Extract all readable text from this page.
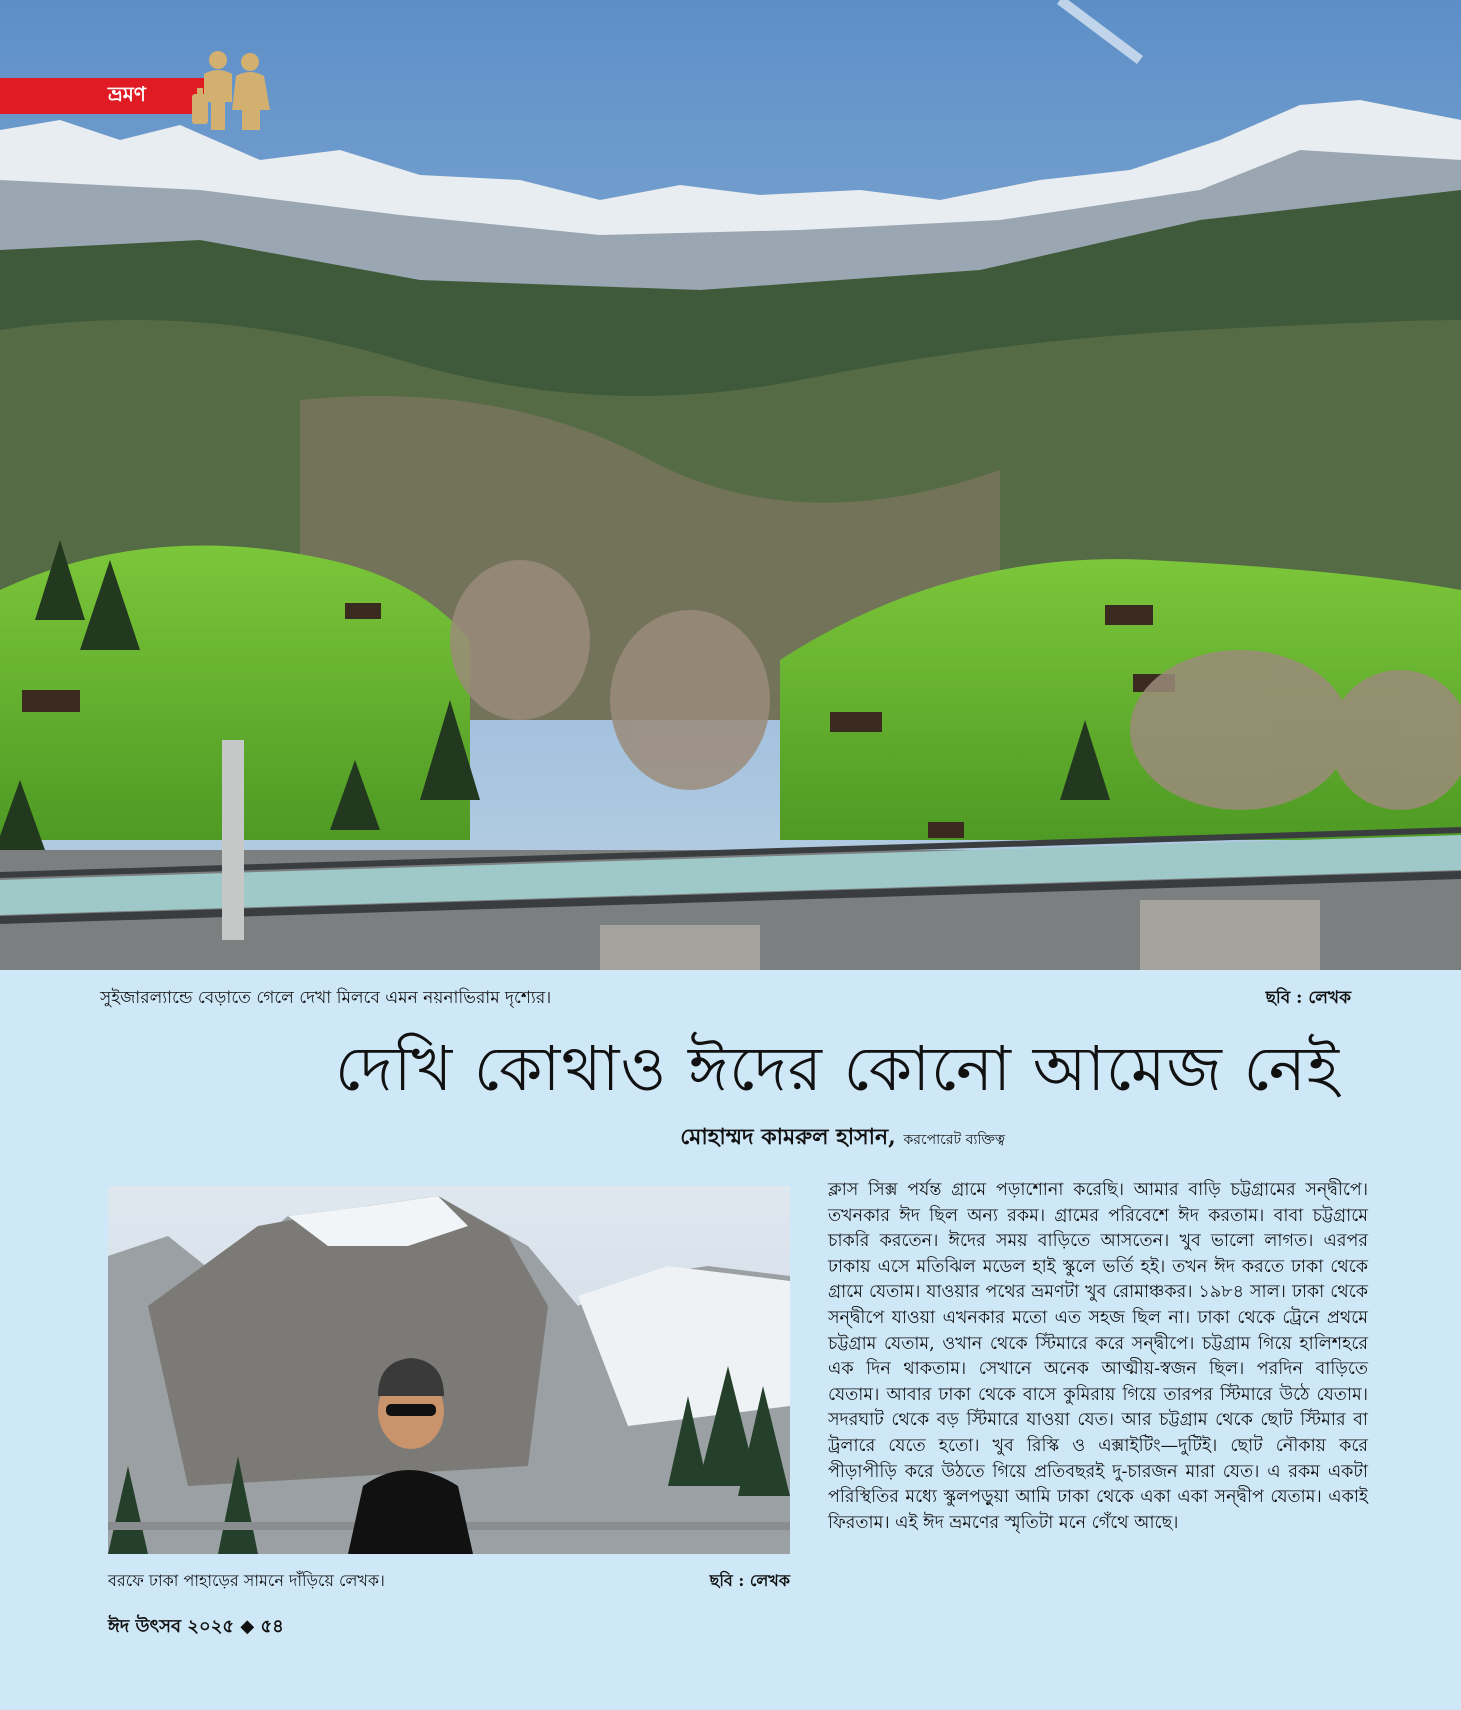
ভ্রমণ
সুইজারল্যান্ডে বেড়াতে গেলে দেখা মিলবে এমন নয়নাভিরাম দৃশ্যের।	ছবি : লেখক
দেখি কোথাও ঈদের কোনো আমেজ নেই
মোহাম্মদ কামরুল হাসান, করপোরেট ব্যক্তিত্ব
বরফে ঢাকা পাহাড়ের সামনে দাঁড়িয়ে লেখক।	ছবি : লেখক
ক্লাস সিক্স পর্যন্ত গ্রামে পড়াশোনা করেছি। আমার বাড়ি চট্টগ্রামের সন্দ্বীপে। তখনকার ঈদ ছিল অন্য রকম। গ্রামের পরিবেশে ঈদ করতাম। বাবা চট্টগ্রামে চাকরি করতেন। ঈদের সময় বাড়িতে আসতেন। খুব ভালো লাগত। এরপর ঢাকায় এসে মতিঝিল মডেল হাই স্কুলে ভর্তি হই। তখন ঈদ করতে ঢাকা থেকে গ্রামে যেতাম। যাওয়ার পথের ভ্রমণটা খুব রোমাঞ্চকর। ১৯৮৪ সাল। ঢাকা থেকে সন্দ্বীপে যাওয়া এখনকার মতো এত সহজ ছিল না। ঢাকা থেকে ট্রেনে প্রথমে চট্টগ্রাম যেতাম, ওখান থেকে স্টিমারে করে সন্দ্বীপে। চট্টগ্রাম গিয়ে হালিশহরে এক দিন থাকতাম। সেখানে অনেক আত্মীয়-স্বজন ছিল। পরদিন বাড়িতে যেতাম। আবার ঢাকা থেকে বাসে কুমিরায় গিয়ে তারপর স্টিমারে উঠে যেতাম। সদরঘাট থেকে বড় স্টিমারে যাওয়া যেত। আর চট্টগ্রাম থেকে ছোট স্টিমার বা ট্রলারে যেতে হতো। খুব রিস্কি ও এক্সাইটিং—দুটিই। ছোট নৌকায় করে পীড়াপীড়ি করে উঠতে গিয়ে প্রতিবছরই দু-চারজন মারা যেত। এ রকম একটা পরিস্থিতির মধ্যে স্কুলপড়ুয়া আমি ঢাকা থেকে একা একা সন্দ্বীপ যেতাম। একাই ফিরতাম। এই ঈদ ভ্রমণের স্মৃতিটা মনে গেঁথে আছে।
ঈদ উৎসব ২০২৫ ◆ ৫৪
